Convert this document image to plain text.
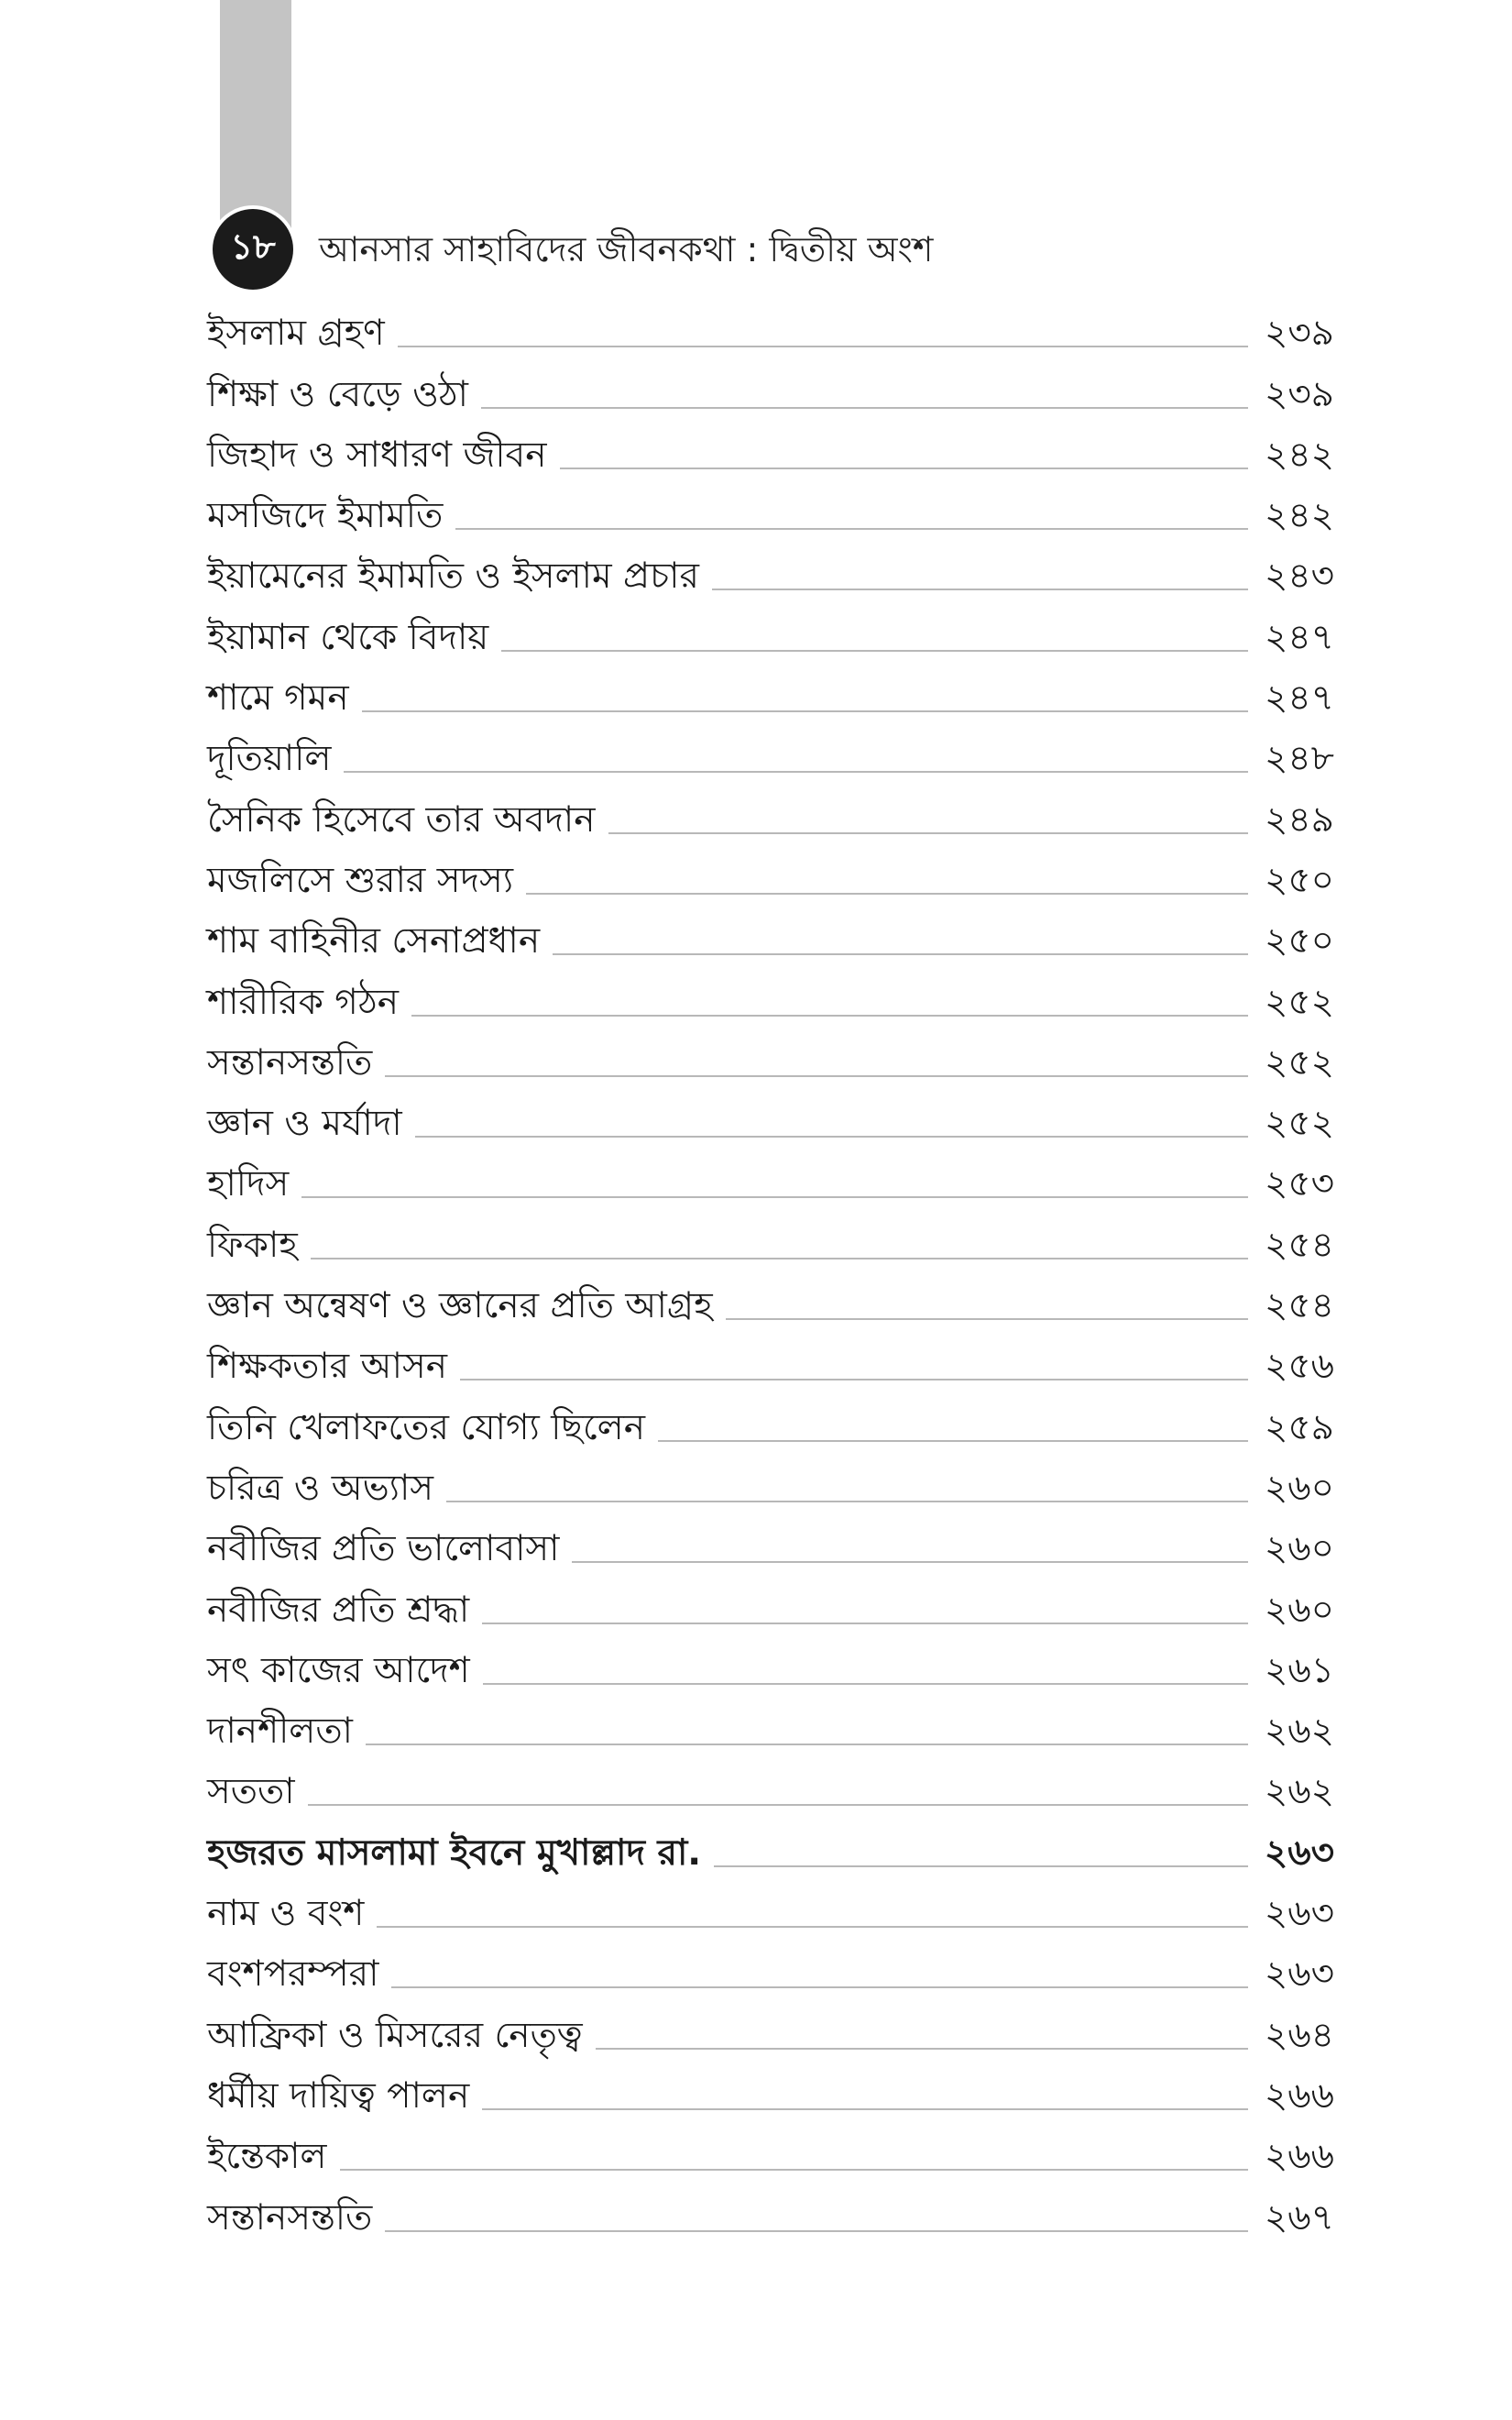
১৮	আনসার সাহাবিদের জীবনকথা : দ্বিতীয় অংশ
ইসলাম গ্রহণ	২৩৯
শিক্ষা ও বেড়ে ওঠা	২৩৯
জিহাদ ও সাধারণ জীবন	২৪২
মসজিদে ইমামতি	২৪২
ইয়ামেনের ইমামতি ও ইসলাম প্রচার	২৪৩
ইয়ামান থেকে বিদায়	২৪৭
শামে গমন	২৪৭
দূতিয়ালি	২৪৮
সৈনিক হিসেবে তার অবদান	২৪৯
মজলিসে শুরার সদস্য	২৫০
শাম বাহিনীর সেনাপ্রধান	২৫০
শারীরিক গঠন	২৫২
সন্তানসন্ততি	২৫২
জ্ঞান ও মর্যাদা	২৫২
হাদিস	২৫৩
ফিকাহ	২৫৪
জ্ঞান অন্বেষণ ও জ্ঞানের প্রতি আগ্রহ	২৫৪
শিক্ষকতার আসন	২৫৬
তিনি খেলাফতের যোগ্য ছিলেন	২৫৯
চরিত্র ও অভ্যাস	২৬০
নবীজির প্রতি ভালোবাসা	২৬০
নবীজির প্রতি শ্রদ্ধা	২৬০
সৎ কাজের আদেশ	২৬১
দানশীলতা	২৬২
সততা	২৬২
হজরত মাসলামা ইবনে মুখাল্লাদ রা.	২৬৩
নাম ও বংশ	২৬৩
বংশপরম্পরা	২৬৩
আফ্রিকা ও মিসরের নেতৃত্ব	২৬৪
ধর্মীয় দায়িত্ব পালন	২৬৬
ইন্তেকাল	২৬৬
সন্তানসন্ততি	২৬৭
